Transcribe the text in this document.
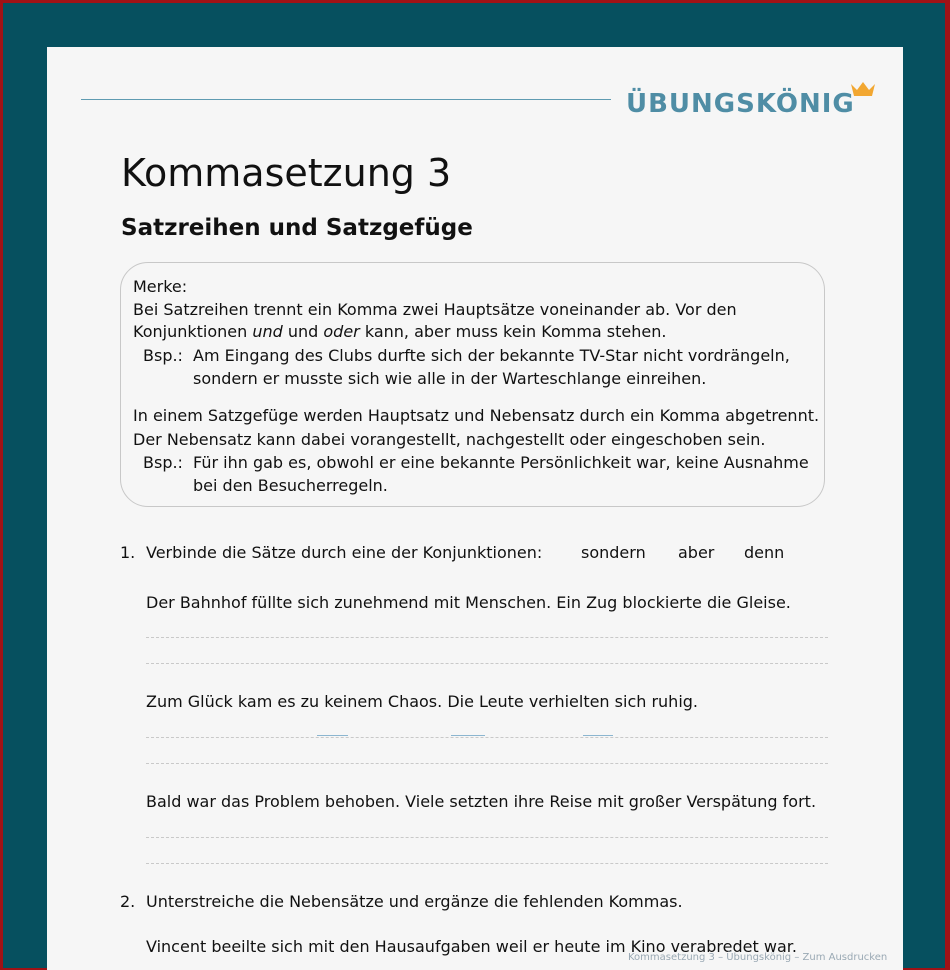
ÜBUNGSKÖNIG
Kommasetzung 3
Satzreihen und Satzgefüge
Merke:
Bei Satzreihen trennt ein Komma zwei Hauptsätze voneinander ab. Vor den
Konjunktionen und und oder kann, aber muss kein Komma stehen.
Bsp.: Am Eingang des Clubs durfte sich der bekannte TV-Star nicht vordrängeln,
sondern er musste sich wie alle in der Warteschlange einreihen.
In einem Satzgefüge werden Hauptsatz und Nebensatz durch ein Komma abgetrennt.
Der Nebensatz kann dabei vorangestellt, nachgestellt oder eingeschoben sein.
Bsp.: Für ihn gab es, obwohl er eine bekannte Persönlichkeit war, keine Ausnahme
bei den Besucherregeln.
1. Verbinde die Sätze durch eine der Konjunktionen: sondern aber denn
Der Bahnhof füllte sich zunehmend mit Menschen. Ein Zug blockierte die Gleise.
Zum Glück kam es zu keinem Chaos. Die Leute verhielten sich ruhig.
Bald war das Problem behoben. Viele setzten ihre Reise mit großer Verspätung fort.
2. Unterstreiche die Nebensätze und ergänze die fehlenden Kommas.
Vincent beeilte sich mit den Hausaufgaben weil er heute im Kino verabredet war.
Kommasetzung 3 – Übungskönig – Zum Ausdrucken
